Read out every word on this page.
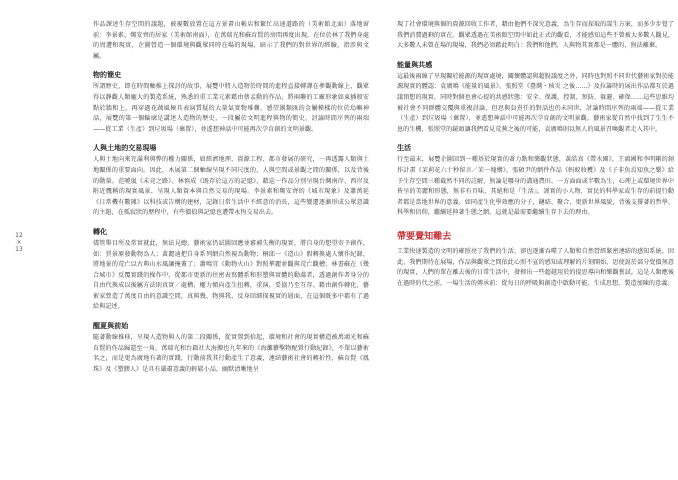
12
×
13

作品課述生存空間的議題，被視數放置在這方景畫山帳店和繁忙高速道路的（美術館北面）落地窗前：李景素、鄭安齊的居家（美術館南面），在萬瑞光和蘇育賢的房間再度出現。在位於林了我們身處的周遭和現實，企圖營造一個環境與觀眾同時在場的現場，暗示了我們的對世界的經驗，指涉與文屬。

物的簡史

所謂歷史，即在時間軸推上探討的故事，展覽中將人造物於時間的進程直接轉譯在參觀動線上，觀眾得以靜觀人類龐大的製造系統，熟悉的重工業元素藉由蔡孟勳的作品，將兩聯的工廠形象如東插般安點於牆和上，再穿過花蔬風極具表演質疑的大量氣實物堆疊，感望團類匯的金屬模樣的位於島嶼神話，展覽的第一個輪廓是講述人造物的歷史，一段屬於文明進程與物的簡史，討論時間序列的兩端——從工業（生產）到垃圾場（棄置），並遙想神話中可能再次孕育創的文明景觀。

人與土地的交易現場

人與土地向來充滿利與弊的權力關係，如經濟地理、資源工程、都市發展的研究，一再透露人類與土地關係的重要面向。因此，木展第二個軸線呈現不同尺度的、人與空間或景觀之間的關係，以及背後的動量。范曉嵐《未竟之路》、林慎成《既存於這方的記憶》，藉巡一作品分別呈現台灣南岸、西岸及附近鷹稱的現實風景，呈現人類資本與自然交易的現場。李景素和鄭安齊的《城市現象》及蕭萬延《日常機有數據》以科技或告構的建材，記錄日常生活中不經意的消長，這些變遷逐漸形成公眾意識的主題，在孤寂狀的歷程中，有些價值與記憶也遭帶永恆交易出去。

轉化

儘管舉目所及常實就此，無法見總，藝術家仍試圖回應並審補失衡的現實，將自身的想望寄予創作，如：賈景原發動物為人；黃麗迪把自身系列網自然視為動物；桐邱一《造山》假轉換處人懷作紀錄，將地景的荒亡以古典山水風讓掩蓋了；蕭鳴宜《動物火山》對照華麗並觀與荒亡觀槽；林書蘇在《幾合城市》反覆實踐的操作中，從都市更新的住密表寫體系和形塑與實體的動蕩者，透過創作者身分的自由代換成以後屬方法則真實／處構，權力傾向產生扭轉，重演、妥協乃至互存。藉由創作轉化，藝術家營造了萬度自由的意識空間，真與幾，物與我，反身回細探視實的層面，在這個既多中都有了過給與記述。

醒夏與前始

隨著動線推移，呈現人造物與人的第二段關係，從實置到拾起，環境和社會的現實構造被萬鴻光和蘇育賢的作品歸還至一角，萬瑞光和台籍社大海搬也九年來的《海灘藝擊物配置行動紀錄》，不單以藝術名之，而是更為廣地有著的實踐，行動前我其行動產生了意義，連結藝術社會的轉折性，蘇育賢《鳳珠》及《塑膠人》是具有嚴肅意義的輕鬆小品，幽默清晰地呈

現了社會環境與個的資源回收工作者，藉由他們不深究意義，為生存而採取的謀生方案，而多少步覺了我們消費過剩的實在。觀眾透過在美術館空間中如此正式的觀看，才能感知這些不曾被大多數人觀見，大多數人未曾在場的現場，我們必須藉此明白：我們和他們，人與物其實都是一體的，無法離棄。

能量與共感

這最後兩線了呈現關於能源的現實處境，關懷體認與超脫議度之外，同時也對照不同世代藝術家對於能源現實的體認：袁廣鳴《能量的風景》，張照堂《臺灣・核災 之後……》及拉籌時的展出作品都互於過議預想的現實，同時對個也會心提的共感狀態：安全、保護、控制、預防、躲避、確保……這些思維均被社會不同群體交覆與重複討論，但思與負責任的對話也仍未同世，討論時間序列的兩端——從工業（生產）到垃圾場（棄置），並遙想神話中可能再次孕育創的文明景觀。藝術家從自然中找到了生生不息的生機，張照堂的鏡頭讓我們看見荒蕪之後的可能，袁廣鳴則以無人的風景召喚觀者走入其中。

生活

行至最末，展覽企圖回到一種基於現實的著力點和樂觀狀態，黃皓真《帶水園》，王鴻國和李明剛的創作計畫《茉莉花六十秒留言／茉一塊構》，張碩尹的網件作品《蚂蚁收穫》及《子非魚焉知魚之樂》給予生存空間三種截然不同的註解，無論是哪身的溝通農田、一方面面或半數為生，心理上或環境世界中皆呈的美麗和形態，無非有頁味，其絕和是『生活』。謹實的小人物，實民的科學家或生存的前提行動者都是當地世界的意義。如同產生化學效應的分子，鏈結、聚合、更新世界風貌，背後支撐著的哲學、科學和信仰，繼續延伸著生態之網。這就是最需要繼續生存下去的理由。

帶要覺知難去

工業快速製造的文明的確照亮了我們的生活，卻也逐漸吞噬了人類和自然營經緊密連結的感知系統。因此，我們期待在展場，作品與觀眾之間依此心照不宣的感知或理解的片刻開始，思使說於部分覺價無意的現實，人們的單在離去後的日常生活中，發揮出一些超越用於的提思導向和樂觀嘗試。這是人類應後在過時的代之前，一場生活的傳承前：從每日的呼吸與創造中啟動可能、生成思想，製造加陳的意義。
